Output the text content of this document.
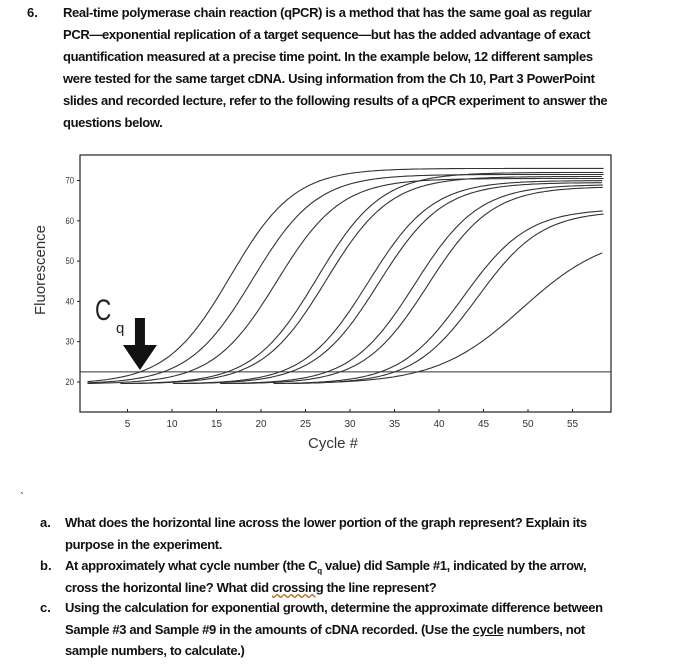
6. Real-time polymerase chain reaction (qPCR) is a method that has the same goal as regular
PCR—exponential replication of a target sequence—but has the added advantage of exact
quantification measured at a precise time point. In the example below, 12 different samples
were tested for the same target cDNA. Using information from the Ch 10, Part 3 PowerPoint
slides and recorded lecture, refer to the following results of a qPCR experiment to answer the
questions below.
5	10	15	20	25	30	35	40	45	50	55
20
30
40
50
60
70
Cycle #
Fluorescence C
q
`
a. What does the horizontal line across the lower portion of the graph represent? Explain its
purpose in the experiment.
b. At approximately what cycle number (the $C_q$ value) did Sample #1, indicated by the arrow,
cross the horizontal line? What did crossing the line represent?
c. Using the calculation for exponential growth, determine the approximate difference between
Sample #3 and Sample #9 in the amounts of cDNA recorded. (Use the cycle numbers, not
sample numbers, to calculate.)
